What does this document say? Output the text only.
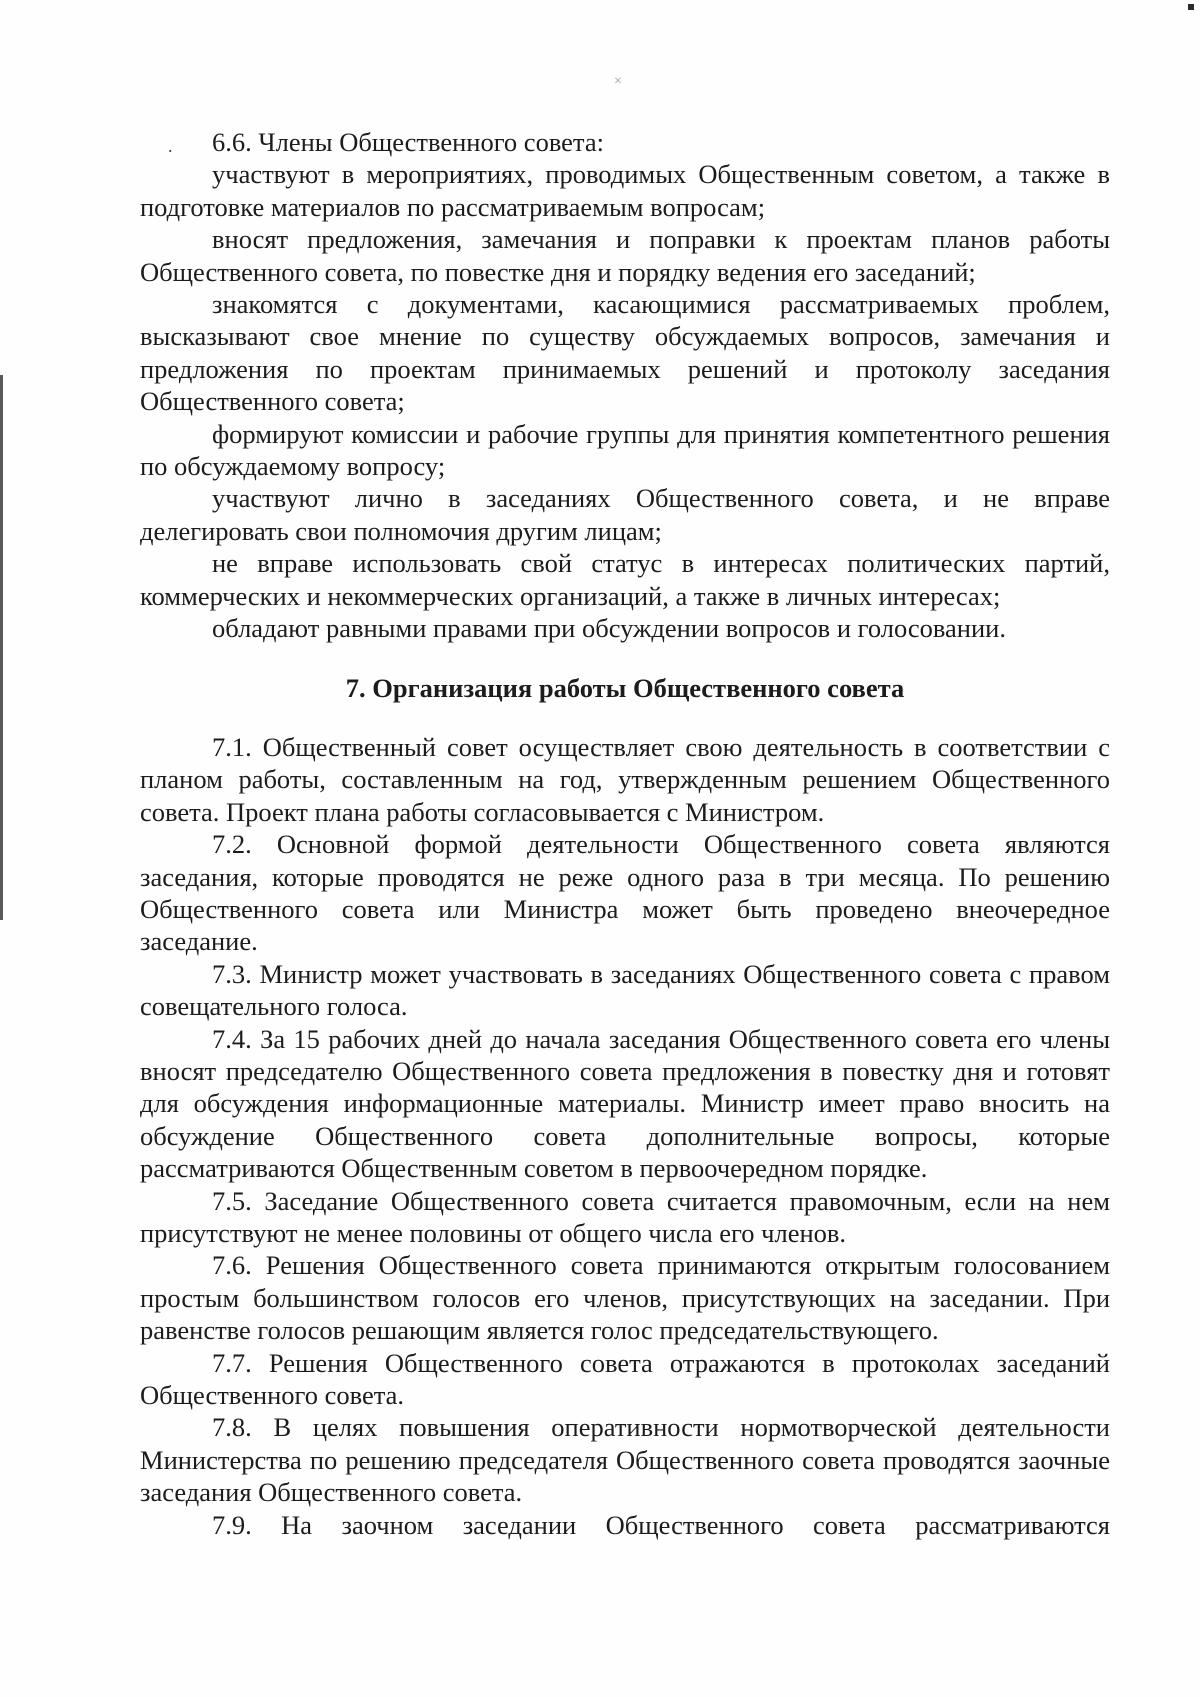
×
.	6.6. Члены Общественного совета:

участвуют в мероприятиях, проводимых Общественным советом, а также в подготовке материалов по рассматриваемым вопросам;

вносят предложения, замечания и поправки к проектам планов работы Общественного совета, по повестке дня и порядку ведения его заседаний;

знакомятся с документами, касающимися рассматриваемых проблем, высказывают свое мнение по существу обсуждаемых вопросов, замечания и предложения по проектам принимаемых решений и протоколу заседания Общественного совета;

формируют комиссии и рабочие группы для принятия компетентного решения по обсуждаемому вопросу;

участвуют лично в заседаниях Общественного совета, и не вправе делегировать свои полномочия другим лицам;

не вправе использовать свой статус в интересах политических партий, коммерческих и некоммерческих организаций, а также в личных интересах;

обладают равными правами при обсуждении вопросов и голосовании.

7. Организация работы Общественного совета

7.1. Общественный совет осуществляет свою деятельность в соответствии с планом работы, составленным на год, утвержденным решением Общественного совета. Проект плана работы согласовывается с Министром.

7.2. Основной формой деятельности Общественного совета являются заседания, которые проводятся не реже одного раза в три месяца. По решению Общественного совета или Министра может быть проведено внеочередное заседание.

7.3. Министр может участвовать в заседаниях Общественного совета с правом совещательного голоса.

7.4. За 15 рабочих дней до начала заседания Общественного совета его члены вносят председателю Общественного совета предложения в повестку дня и готовят для обсуждения информационные материалы. Министр имеет право вносить на обсуждение Общественного совета дополнительные вопросы, которые рассматриваются Общественным советом в первоочередном порядке.

7.5. Заседание Общественного совета считается правомочным, если на нем присутствуют не менее половины от общего числа его членов.

7.6. Решения Общественного совета принимаются открытым голосованием простым большинством голосов его членов, присутствующих на заседании. При равенстве голосов решающим является голос председательствующего.

7.7. Решения Общественного совета отражаются в протоколах заседаний Общественного совета.

7.8. В целях повышения оперативности нормотворческой деятельности Министерства по решению председателя Общественного совета проводятся заочные заседания Общественного совета.

7.9. На заочном заседании Общественного совета рассматриваются
